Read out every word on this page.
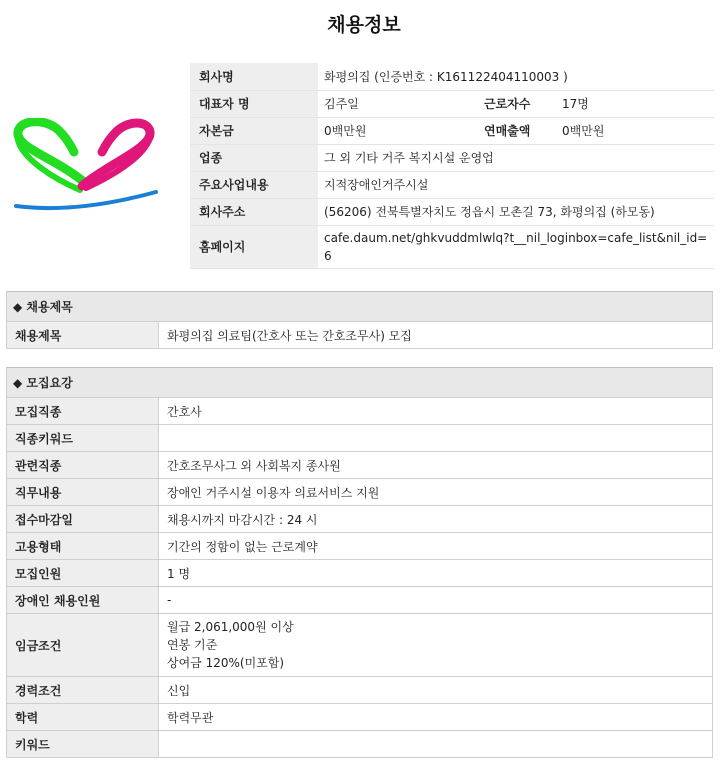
채용정보
회사명	화평의집 (인증번호 : K161122404110003 )		
대표자 명	김주일	근로자수	17명
자본금	0백만원	연매출액	0백만원
업종	그 외 기타 거주 복지시설 운영업		
주요사업내용	지적장애인거주시설		
회사주소	(56206) 전북특별자치도 정읍시 모촌길 73, 화평의집 (하모동)		
홈페이지	cafe.daum.net/ghkvuddmlwlq?t__nil_loginbox=cafe_list&nil_id=6		
◆ 채용제목
채용제목	화평의집 의료팀(간호사 또는 간호조무사) 모집
◆ 모집요강
모집직종	간호사
직종키워드	
관련직종	간호조무사그 외 사회복지 종사원
직무내용	장애인 거주시설 이용자 의료서비스 지원
접수마감일	채용시까지 마감시간 : 24 시
고용형태	기간의 정함이 없는 근로계약
모집인원	1 명
장애인 채용인원	-
임금조건	월급 2,061,000원 이상
연봉 기준
상여금 120%(미포함)

경력조건	신입
학력	학력무관
키워드	
